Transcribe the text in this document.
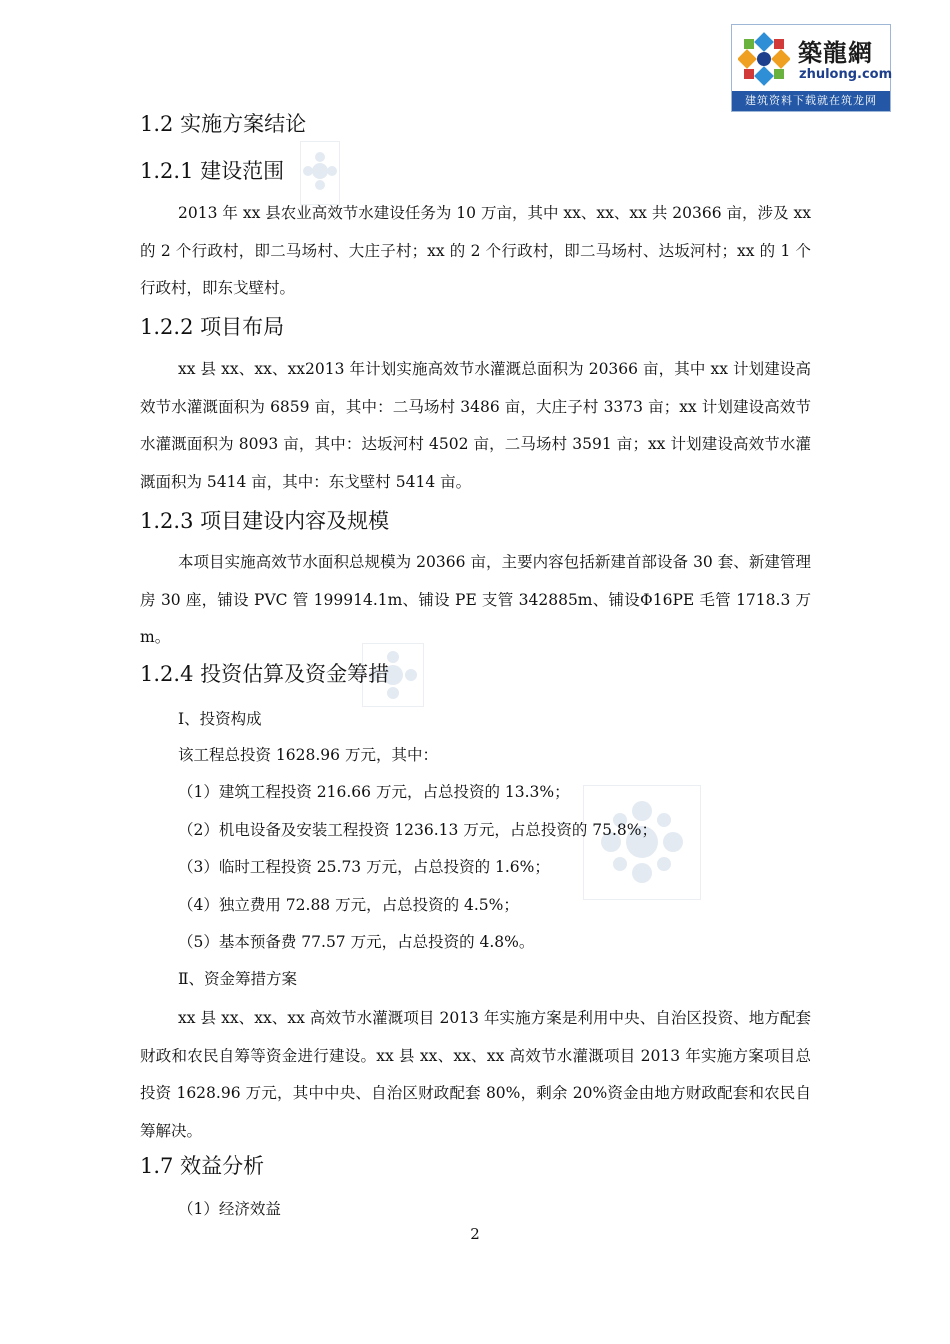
築龍網
zhulong.com
建筑资料下载就在筑龙网
1.2 实施方案结论
1.2.1 建设范围

2013 年 xx 县农业高效节水建设任务为 10 万亩，其中 xx、xx、xx 共 20366 亩，涉及 xx 的 2 个行政村，即二马场村、大庄子村；xx 的 2 个行政村，即二马场村、达坂河村；xx 的 1 个行政村，即东戈壁村。

1.2.2 项目布局

xx 县 xx、xx、xx2013 年计划实施高效节水灌溉总面积为 20366 亩，其中 xx 计划建设高效节水灌溉面积为 6859 亩，其中：二马场村 3486 亩，大庄子村 3373 亩；xx 计划建设高效节水灌溉面积为 8093 亩，其中：达坂河村 4502 亩，二马场村 3591 亩；xx 计划建设高效节水灌溉面积为 5414 亩，其中：东戈壁村 5414 亩。

1.2.3 项目建设内容及规模

本项目实施高效节水面积总规模为 20366 亩，主要内容包括新建首部设备 30 套、新建管理房 30 座，铺设 PVC 管 199914.1m、铺设 PE 支管 342885m、铺设Φ16PE 毛管 1718.3 万 m。

1.2.4 投资估算及资金筹措
Ⅰ、投资构成
该工程总投资 1628.96 万元，其中：
（1）建筑工程投资 216.66 万元，占总投资的 13.3%；
（2）机电设备及安装工程投资 1236.13 万元，占总投资的 75.8%；
（3）临时工程投资 25.73 万元，占总投资的 1.6%；
（4）独立费用 72.88 万元，占总投资的 4.5%；
（5）基本预备费 77.57 万元，占总投资的 4.8%。
Ⅱ、资金筹措方案

xx 县 xx、xx、xx 高效节水灌溉项目 2013 年实施方案是利用中央、自治区投资、地方配套财政和农民自筹等资金进行建设。xx 县 xx、xx、xx 高效节水灌溉项目 2013 年实施方案项目总投资 1628.96 万元，其中中央、自治区财政配套 80%，剩余 20%资金由地方财政配套和农民自筹解决。

1.7 效益分析
（1）经济效益
2
